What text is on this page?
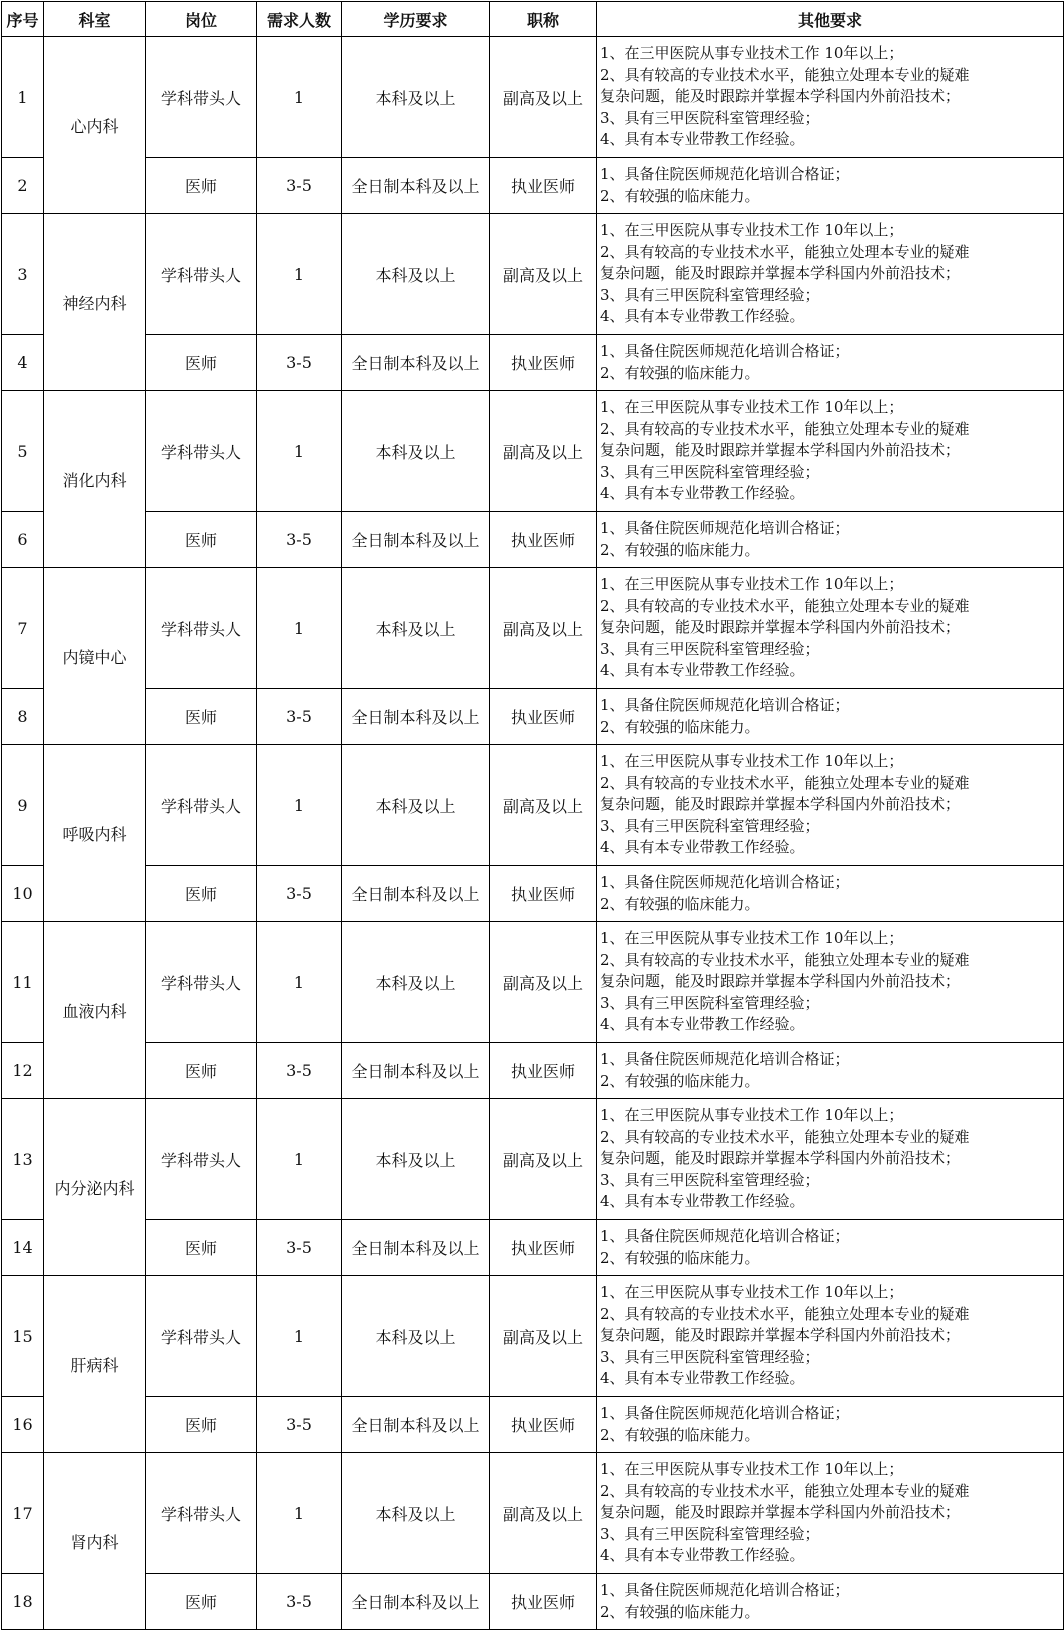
序号	科室	岗位	需求人数	学历要求	职称	其他要求
1	心内科	学科带头人	1	本科及以上	副高及以上	1、在三甲医院从事专业技术工作 10年以上；
2、具有较高的专业技术水平，能独立处理本专业的疑难
复杂问题，能及时跟踪并掌握本学科国内外前沿技术；
3、具有三甲医院科室管理经验；
4、具有本专业带教工作经验。

2		医师	3-5	全日制本科及以上	执业医师	1、具备住院医师规范化培训合格证；
2、有较强的临床能力。

3	神经内科	学科带头人	1	本科及以上	副高及以上	1、在三甲医院从事专业技术工作 10年以上；
2、具有较高的专业技术水平，能独立处理本专业的疑难
复杂问题，能及时跟踪并掌握本学科国内外前沿技术；
3、具有三甲医院科室管理经验；
4、具有本专业带教工作经验。

4		医师	3-5	全日制本科及以上	执业医师	1、具备住院医师规范化培训合格证；
2、有较强的临床能力。

5	消化内科	学科带头人	1	本科及以上	副高及以上	1、在三甲医院从事专业技术工作 10年以上；
2、具有较高的专业技术水平，能独立处理本专业的疑难
复杂问题，能及时跟踪并掌握本学科国内外前沿技术；
3、具有三甲医院科室管理经验；
4、具有本专业带教工作经验。

6		医师	3-5	全日制本科及以上	执业医师	1、具备住院医师规范化培训合格证；
2、有较强的临床能力。

7	内镜中心	学科带头人	1	本科及以上	副高及以上	1、在三甲医院从事专业技术工作 10年以上；
2、具有较高的专业技术水平，能独立处理本专业的疑难
复杂问题，能及时跟踪并掌握本学科国内外前沿技术；
3、具有三甲医院科室管理经验；
4、具有本专业带教工作经验。

8		医师	3-5	全日制本科及以上	执业医师	1、具备住院医师规范化培训合格证；
2、有较强的临床能力。

9	呼吸内科	学科带头人	1	本科及以上	副高及以上	1、在三甲医院从事专业技术工作 10年以上；
2、具有较高的专业技术水平，能独立处理本专业的疑难
复杂问题，能及时跟踪并掌握本学科国内外前沿技术；
3、具有三甲医院科室管理经验；
4、具有本专业带教工作经验。

10		医师	3-5	全日制本科及以上	执业医师	1、具备住院医师规范化培训合格证；
2、有较强的临床能力。

11	血液内科	学科带头人	1	本科及以上	副高及以上	1、在三甲医院从事专业技术工作 10年以上；
2、具有较高的专业技术水平，能独立处理本专业的疑难
复杂问题，能及时跟踪并掌握本学科国内外前沿技术；
3、具有三甲医院科室管理经验；
4、具有本专业带教工作经验。

12		医师	3-5	全日制本科及以上	执业医师	1、具备住院医师规范化培训合格证；
2、有较强的临床能力。

13	内分泌内科	学科带头人	1	本科及以上	副高及以上	1、在三甲医院从事专业技术工作 10年以上；
2、具有较高的专业技术水平，能独立处理本专业的疑难
复杂问题，能及时跟踪并掌握本学科国内外前沿技术；
3、具有三甲医院科室管理经验；
4、具有本专业带教工作经验。

14		医师	3-5	全日制本科及以上	执业医师	1、具备住院医师规范化培训合格证；
2、有较强的临床能力。

15	肝病科	学科带头人	1	本科及以上	副高及以上	1、在三甲医院从事专业技术工作 10年以上；
2、具有较高的专业技术水平，能独立处理本专业的疑难
复杂问题，能及时跟踪并掌握本学科国内外前沿技术；
3、具有三甲医院科室管理经验；
4、具有本专业带教工作经验。

16		医师	3-5	全日制本科及以上	执业医师	1、具备住院医师规范化培训合格证；
2、有较强的临床能力。

17	肾内科	学科带头人	1	本科及以上	副高及以上	1、在三甲医院从事专业技术工作 10年以上；
2、具有较高的专业技术水平，能独立处理本专业的疑难
复杂问题，能及时跟踪并掌握本学科国内外前沿技术；
3、具有三甲医院科室管理经验；
4、具有本专业带教工作经验。

18		医师	3-5	全日制本科及以上	执业医师	1、具备住院医师规范化培训合格证；
2、有较强的临床能力。
